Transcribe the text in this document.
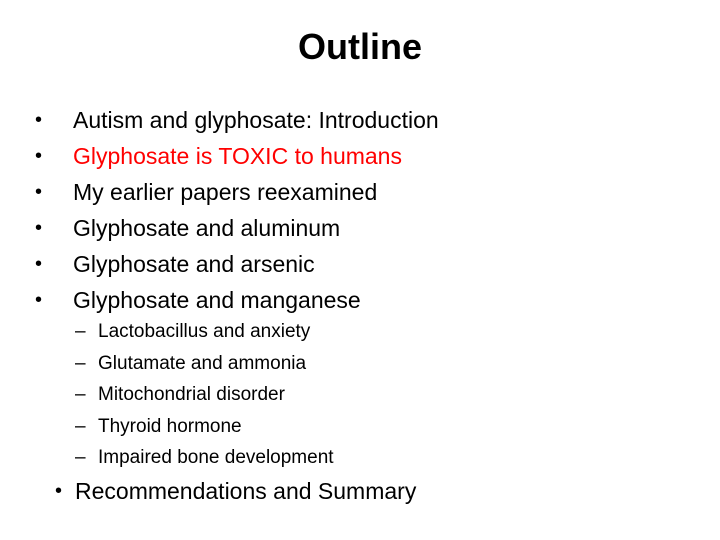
Outline
•	Autism and glyphosate: Introduction
•	Glyphosate is TOXIC to humans
•	My earlier papers reexamined
•	Glyphosate and aluminum
•	Glyphosate and arsenic
•	Glyphosate and manganese
– Lactobacillus and anxiety
– Glutamate and ammonia
– Mitochondrial disorder
– Thyroid hormone
– Impaired bone development
• Recommendations and Summary
